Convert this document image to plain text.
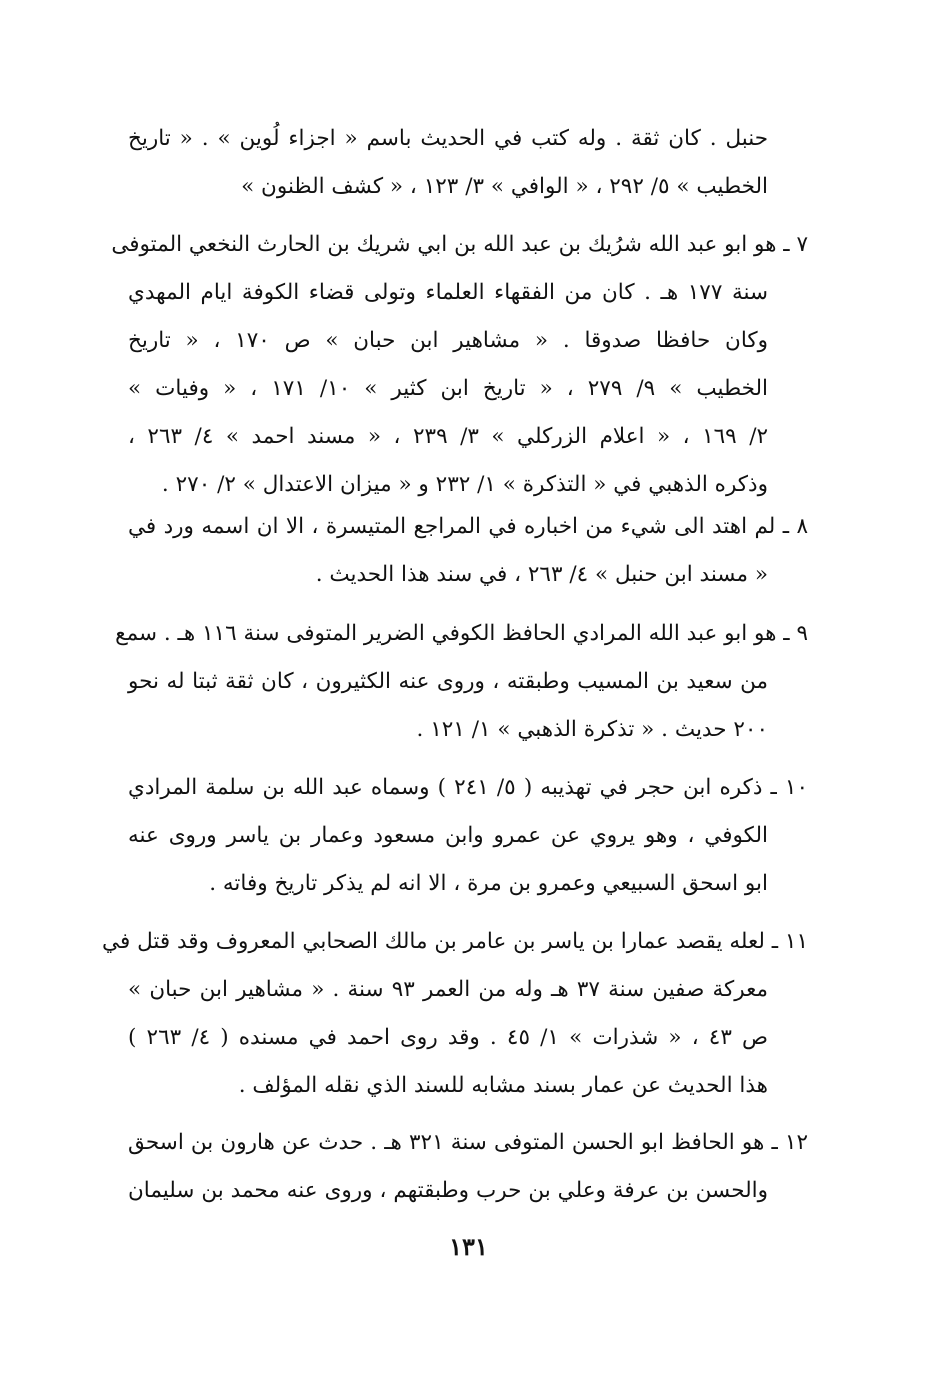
حنبل . كان ثقة . وله كتب في الحديث باسم « اجزاء لُوين » . « تاريخ
الخطيب » ٥/ ٢٩٢ ، « الوافي » ٣/ ١٢٣ ، « كشف الظنون »
٧ ـ هو ابو عبد الله شرُيك بن عبد الله بن ابي شريك بن الحارث النخعي المتوفى
سنة ١٧٧ هـ . كان من الفقهاء العلماء وتولى قضاء الكوفة ايام المهدي
وكان حافظا صدوقا . « مشاهير ابن حبان » ص ١٧٠ ، « تاريخ
الخطيب » ٩/ ٢٧٩ ، « تاريخ ابن كثير » ١٠/ ١٧١ ، « وفيات »
٢/ ١٦٩ ، « اعلام الزركلي » ٣/ ٢٣٩ ، « مسند احمد » ٤/ ٢٦٣ ،
وذكره الذهبي في « التذكرة » ١/ ٢٣٢ و « ميزان الاعتدال » ٢/ ٢٧٠ .
٨ ـ لم اهتد الى شيء من اخباره في المراجع المتيسرة ، الا ان اسمه ورد في
« مسند ابن حنبل » ٤/ ٢٦٣ ، في سند هذا الحديث .
٩ ـ هو ابو عبد الله المرادي الحافظ الكوفي الضرير المتوفى سنة ١١٦ هـ . سمع
من سعيد بن المسيب وطبقته ، وروى عنه الكثيرون ، كان ثقة ثبتا له نحو
٢٠٠ حديث . « تذكرة الذهبي » ١/ ١٢١ .
١٠ ـ ذكره ابن حجر في تهذيبه ( ٥/ ٢٤١ ) وسماه عبد الله بن سلمة المرادي
الكوفي ، وهو يروي عن عمرو وابن مسعود وعمار بن ياسر وروى عنه
ابو اسحق السبيعي وعمرو بن مرة ، الا انه لم يذكر تاريخ وفاته .
١١ ـ لعله يقصد عمارا بن ياسر بن عامر بن مالك الصحابي المعروف وقد قتل في
معركة صفين سنة ٣٧ هـ وله من العمر ٩٣ سنة . « مشاهير ابن حبان »
ص ٤٣ ، « شذرات » ١/ ٤٥ . وقد روى احمد في مسنده ( ٤/ ٢٦٣ )
هذا الحديث عن عمار بسند مشابه للسند الذي نقله المؤلف .
١٢ ـ هو الحافظ ابو الحسن المتوفى سنة ٣٢١ هـ . حدث عن هارون بن اسحق
والحسن بن عرفة وعلي بن حرب وطبقتهم ، وروى عنه محمد بن سليمان
١٣١
